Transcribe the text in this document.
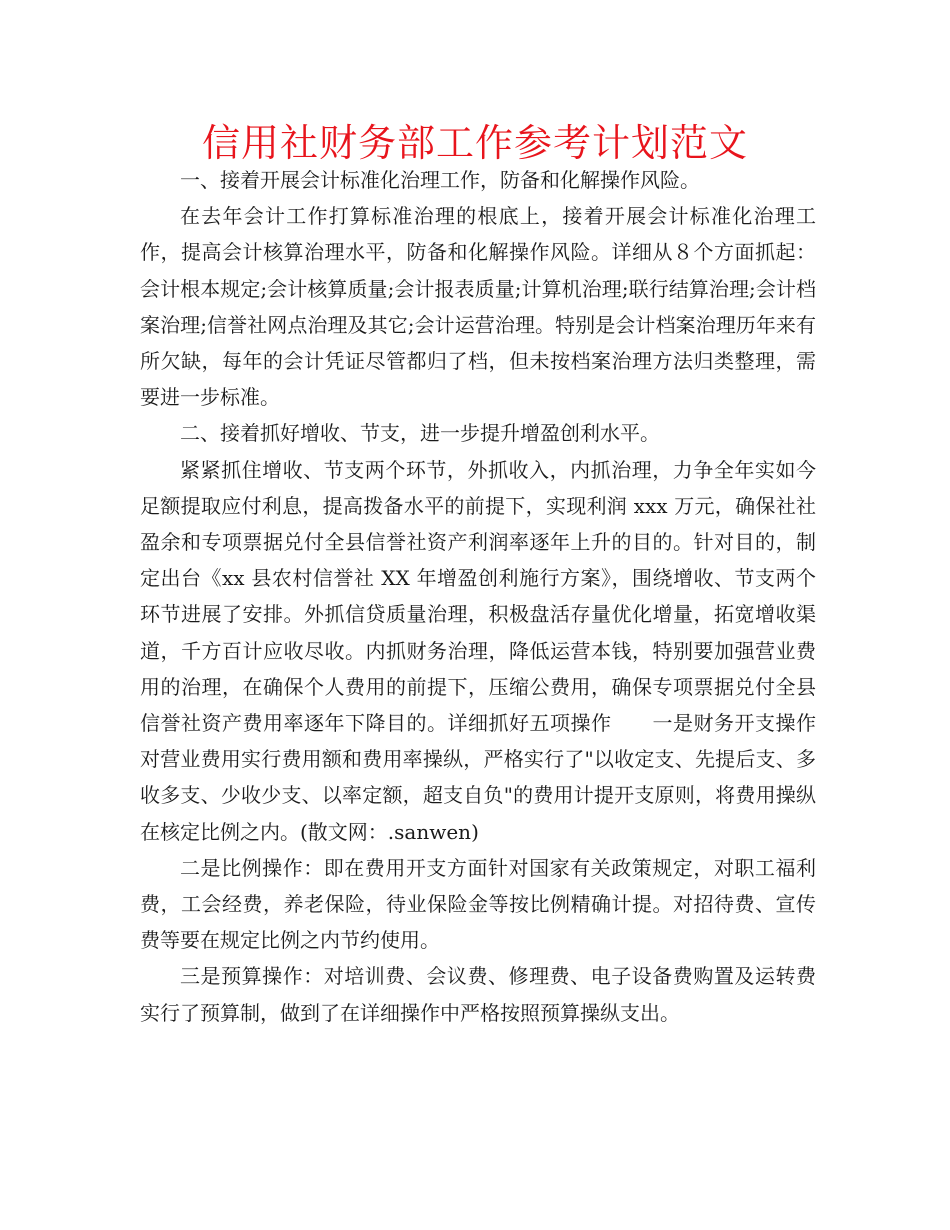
信用社财务部工作参考计划范文

一、接着开展会计标准化治理工作，防备和化解操作风险。

在去年会计工作打算标准治理的根底上，接着开展会计标准化治理工作，提高会计核算治理水平，防备和化解操作风险。详细从８个方面抓起：会计根本规定;会计核算质量;会计报表质量;计算机治理;联行结算治理;会计档案治理;信誉社网点治理及其它;会计运营治理。特别是会计档案治理历年来有所欠缺，每年的会计凭证尽管都归了档，但未按档案治理方法归类整理，需要进一步标准。

二、接着抓好增收、节支，进一步提升增盈创利水平。

紧紧抓住增收、节支两个环节，外抓收入，内抓治理，力争全年实如今足额提取应付利息，提高拨备水平的前提下，实现利润 xxx 万元，确保社社盈余和专项票据兑付全县信誉社资产利润率逐年上升的目的。针对目的，制定出台《xx 县农村信誉社 XX 年增盈创利施行方案》，围绕增收、节支两个环节进展了安排。外抓信贷质量治理，积极盘活存量优化增量，拓宽增收渠道，千方百计应收尽收。内抓财务治理，降低运营本钱，特别要加强营业费用的治理，在确保个人费用的前提下，压缩公费用，确保专项票据兑付全县信誉社资产费用率逐年下降目的。详细抓好五项操作　　一是财务开支操作　　对营业费用实行费用额和费用率操纵，严格实行了"以收定支、先提后支、多收多支、少收少支、以率定额，超支自负"的费用计提开支原则，将费用操纵在核定比例之内。(散文网：.sanwen)

二是比例操作：即在费用开支方面针对国家有关政策规定，对职工福利费，工会经费，养老保险，待业保险金等按比例精确计提。对招待费、宣传费等要在规定比例之内节约使用。

三是预算操作：对培训费、会议费、修理费、电子设备费购置及运转费实行了预算制，做到了在详细操作中严格按照预算操纵支出。
